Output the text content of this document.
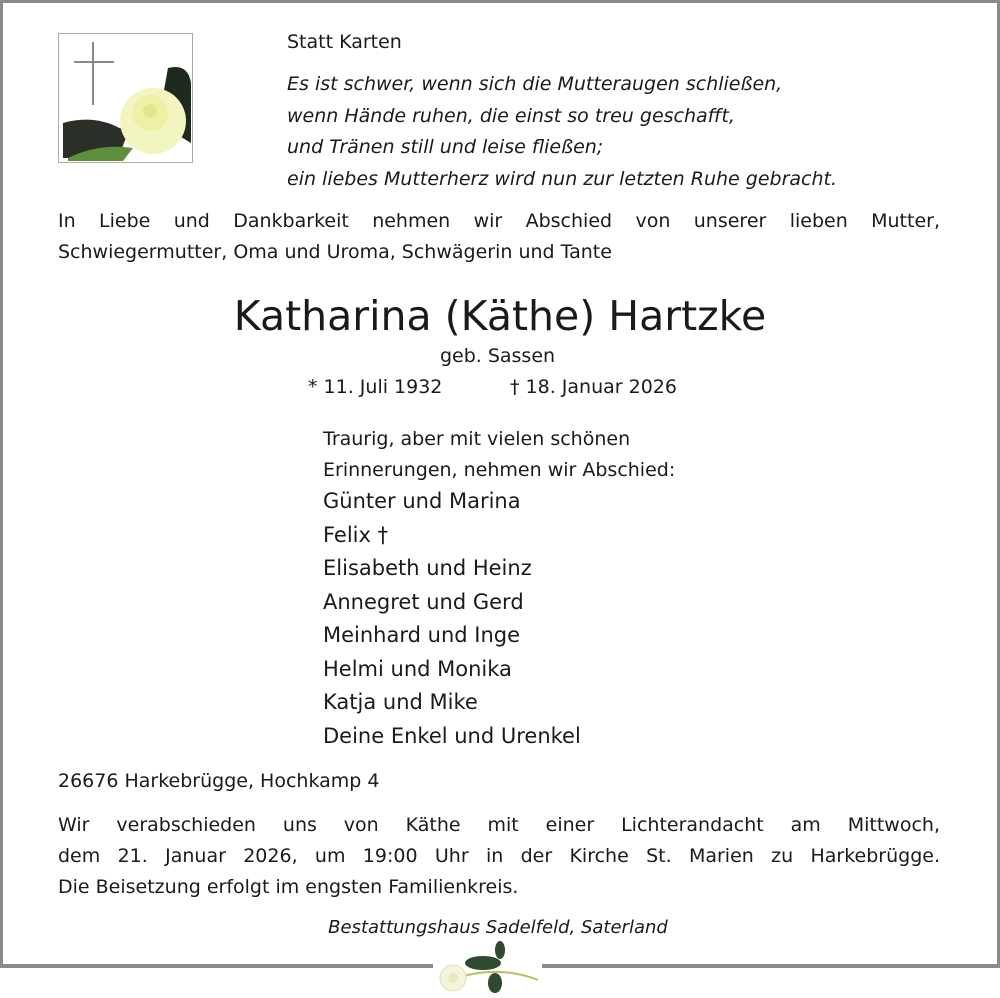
Statt Karten
Es ist schwer, wenn sich die Mutteraugen schließen,
wenn Hände ruhen, die einst so treu geschafft,
und Tränen still und leise fließen;
ein liebes Mutterherz wird nun zur letzten Ruhe gebracht.
In Liebe und Dankbarkeit nehmen wir Abschied von unserer lieben Mutter,
Schwiegermutter, Oma und Uroma, Schwägerin und Tante
Katharina (Käthe) Hartzke
geb. Sassen
* 11. Juli 1932	† 18. Januar 2026
Traurig, aber mit vielen schönen
Erinnerungen, nehmen wir Abschied:
Günter und Marina
Felix †
Elisabeth und Heinz
Annegret und Gerd
Meinhard und Inge
Helmi und Monika
Katja und Mike
Deine Enkel und Urenkel
26676 Harkebrügge, Hochkamp 4
Wir verabschieden uns von Käthe mit einer Lichterandacht am Mittwoch,
dem 21. Januar 2026, um 19:00 Uhr in der Kirche St. Marien zu Harkebrügge.
Die Beisetzung erfolgt im engsten Familienkreis.
Bestattungshaus Sadelfeld, Saterland
